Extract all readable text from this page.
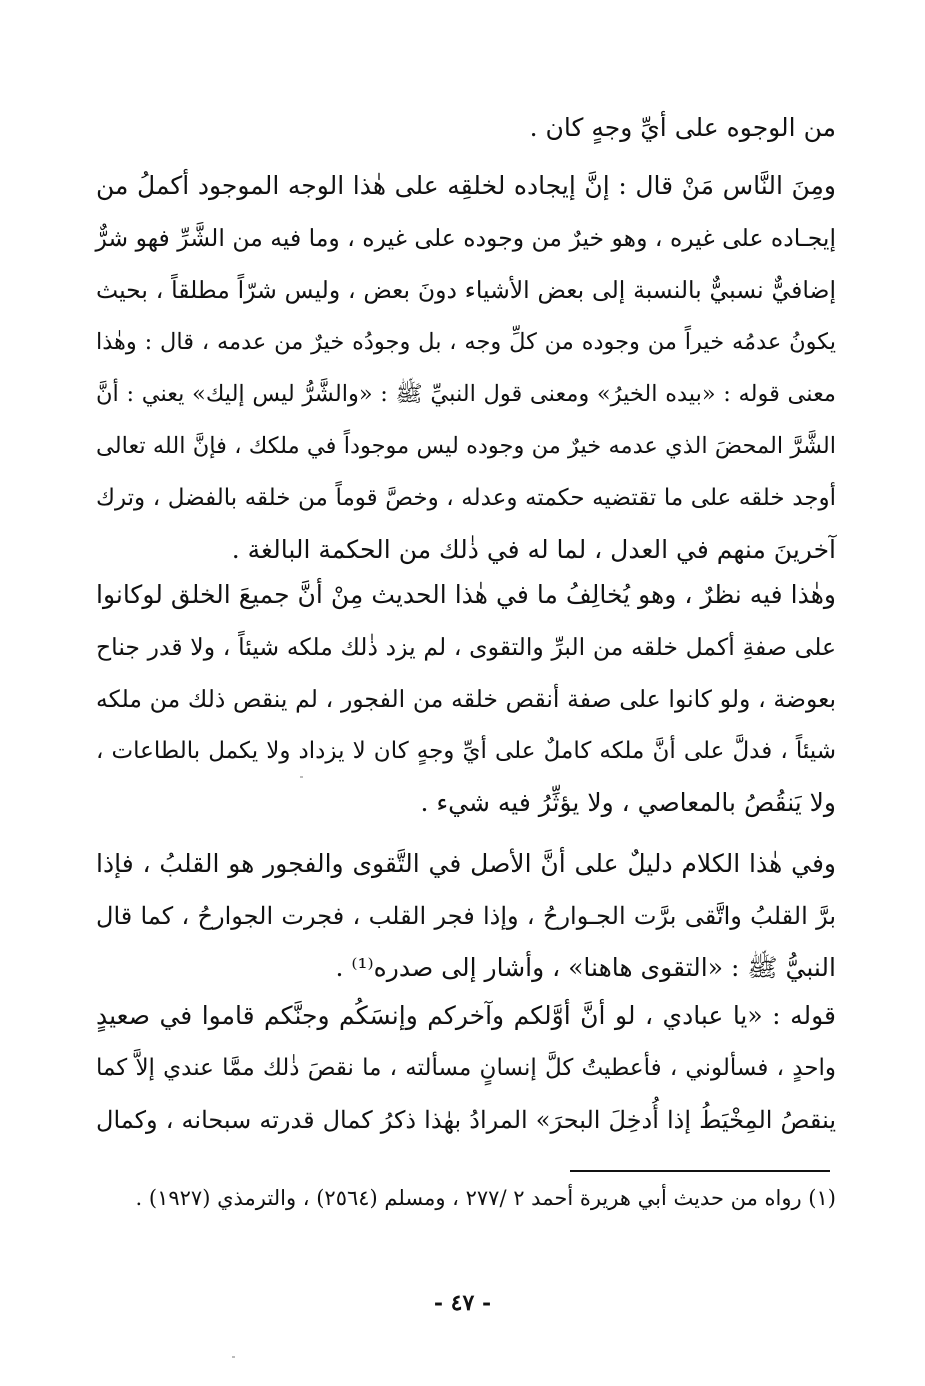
من الوجوه على أيِّ وجهٍ كان .

ومِنَ النَّاس مَنْ قال : إنَّ إيجاده لخلقِه على هٰذا الوجه الموجود أكملُ من

إيجـاده على غيره ، وهو خيرٌ من وجوده على غيره ، وما فيه من الشَّرِّ فهو شرٌّ

إضافيٌّ نسبيٌّ بالنسبة إلى بعض الأشياء دونَ بعض ، وليس شرّاً مطلقاً ، بحيث

يكونُ عدمُه خيراً من وجوده من كلِّ وجه ، بل وجودُه خيرٌ من عدمه ، قال : وهٰذا

معنى قوله : «بيده الخيرُ» ومعنى قول النبيِّ ﷺ : «والشَّرُّ ليس إليك» يعني : أنَّ

الشَّرَّ المحضَ الذي عدمه خيرٌ من وجوده ليس موجوداً في ملكك ، فإنَّ الله تعالى

أوجد خلقه على ما تقتضيه حكمته وعدله ، وخصَّ قوماً من خلقه بالفضل ، وترك

آخرينَ منهم في العدل ، لما له في ذٰلك من الحكمة البالغة .

وهٰذا فيه نظرٌ ، وهو يُخالِفُ ما في هٰذا الحديث مِنْ أنَّ جميعَ الخلق لوكانوا

على صفةِ أكمل خلقه من البرِّ والتقوى ، لم يزد ذٰلك ملكه شيئاً ، ولا قدر جناح

بعوضة ، ولو كانوا على صفة أنقص خلقه من الفجور ، لم ينقص ذلك من ملكه

شيئاً ، فدلَّ على أنَّ ملكه كاملٌ على أيِّ وجهٍ كان لا يزداد ولا يكمل بالطاعات ،

ولا يَنقُصُ بالمعاصي ، ولا يؤثِّرُ فيه شيء .

وفي هٰذا الكلام دليلٌ على أنَّ الأصل في التَّقوى والفجور هو القلبُ ، فإذا

برَّ القلبُ واتَّقى برَّت الجـوارحُ ، وإذا فجر القلب ، فجرت الجوارحُ ، كما قال

النبيُّ ﷺ : «التقوى هاهنا» ، وأشار إلى صدره⁽¹⁾ .

قوله : «يا عبادي ، لو أنَّ أوَّلكم وآخركم وإنسَكُم وجنَّكم قاموا في صعيدٍ

واحدٍ ، فسألوني ، فأعطيتُ كلَّ إنسانٍ مسألته ، ما نقصَ ذٰلك ممَّا عندي إلاَّ كما

ينقصُ المِخْيَطُ إذا أُدخِلَ البحرَ» المرادُ بهٰذا ذكرُ كمال قدرته سبحانه ، وكمال

(١) رواه من حديث أبي هريرة أحمد ٢ /٢٧٧ ، ومسلم (٢٥٦٤) ، والترمذي (١٩٢٧) .
- ٤٧ -
